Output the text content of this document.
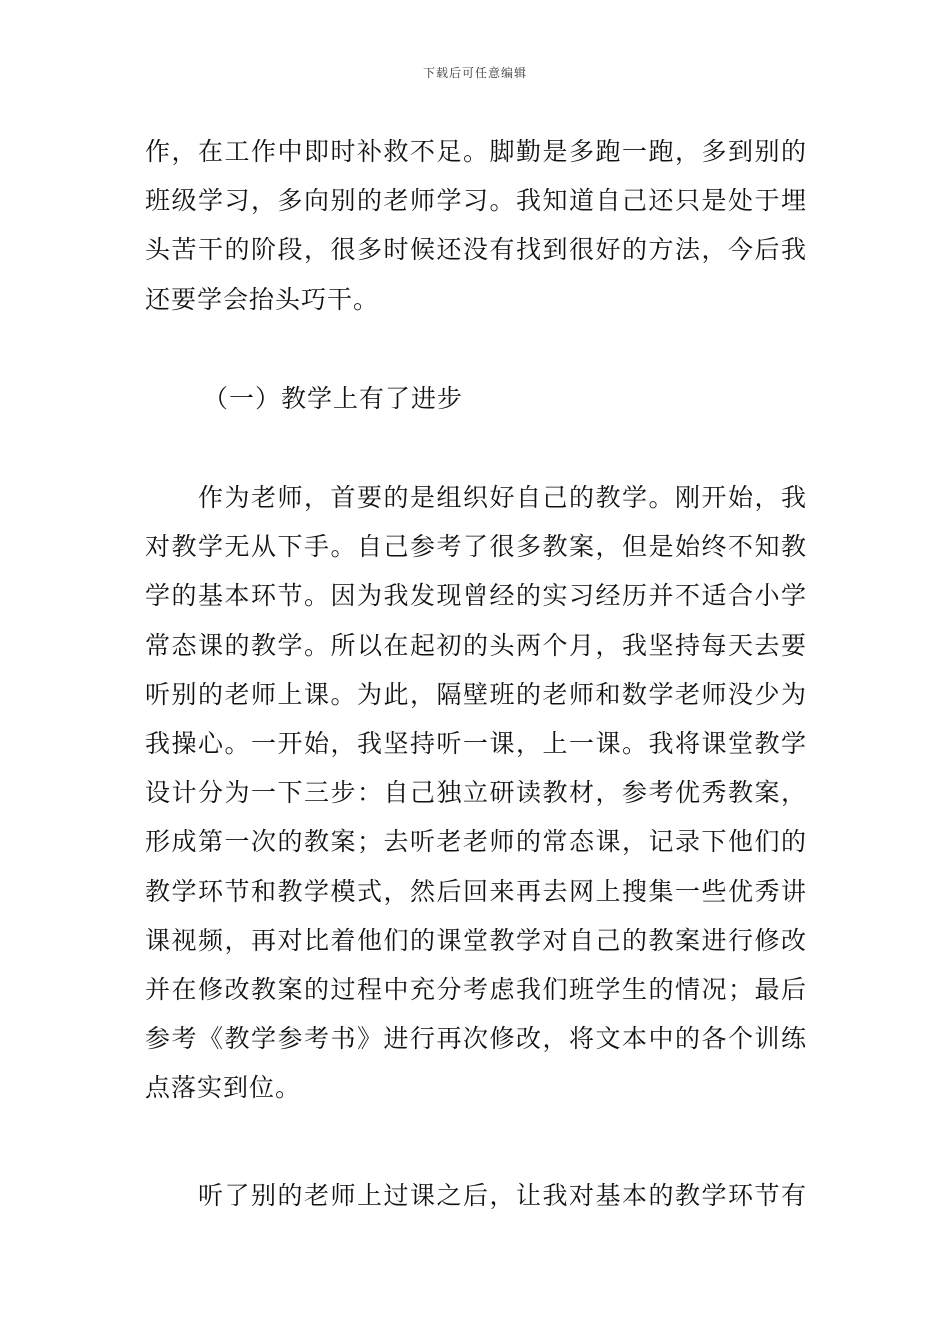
下载后可任意编辑
作，在工作中即时补救不足。脚勤是多跑一跑，多到别的
班级学习，多向别的老师学习。我知道自己还只是处于埋
头苦干的阶段，很多时候还没有找到很好的方法，今后我
还要学会抬头巧干。
（一）教学上有了进步
　　作为老师，首要的是组织好自己的教学。刚开始，我
对教学无从下手。自己参考了很多教案，但是始终不知教
学的基本环节。因为我发现曾经的实习经历并不适合小学
常态课的教学。所以在起初的头两个月，我坚持每天去要
听别的老师上课。为此，隔壁班的老师和数学老师没少为
我操心。一开始，我坚持听一课，上一课。我将课堂教学
设计分为一下三步：自己独立研读教材，参考优秀教案，
形成第一次的教案；去听老老师的常态课，记录下他们的
教学环节和教学模式，然后回来再去网上搜集一些优秀讲
课视频，再对比着他们的课堂教学对自己的教案进行修改
并在修改教案的过程中充分考虑我们班学生的情况；最后
参考《教学参考书》进行再次修改，将文本中的各个训练
点落实到位。
　　听了别的老师上过课之后，让我对基本的教学环节有
